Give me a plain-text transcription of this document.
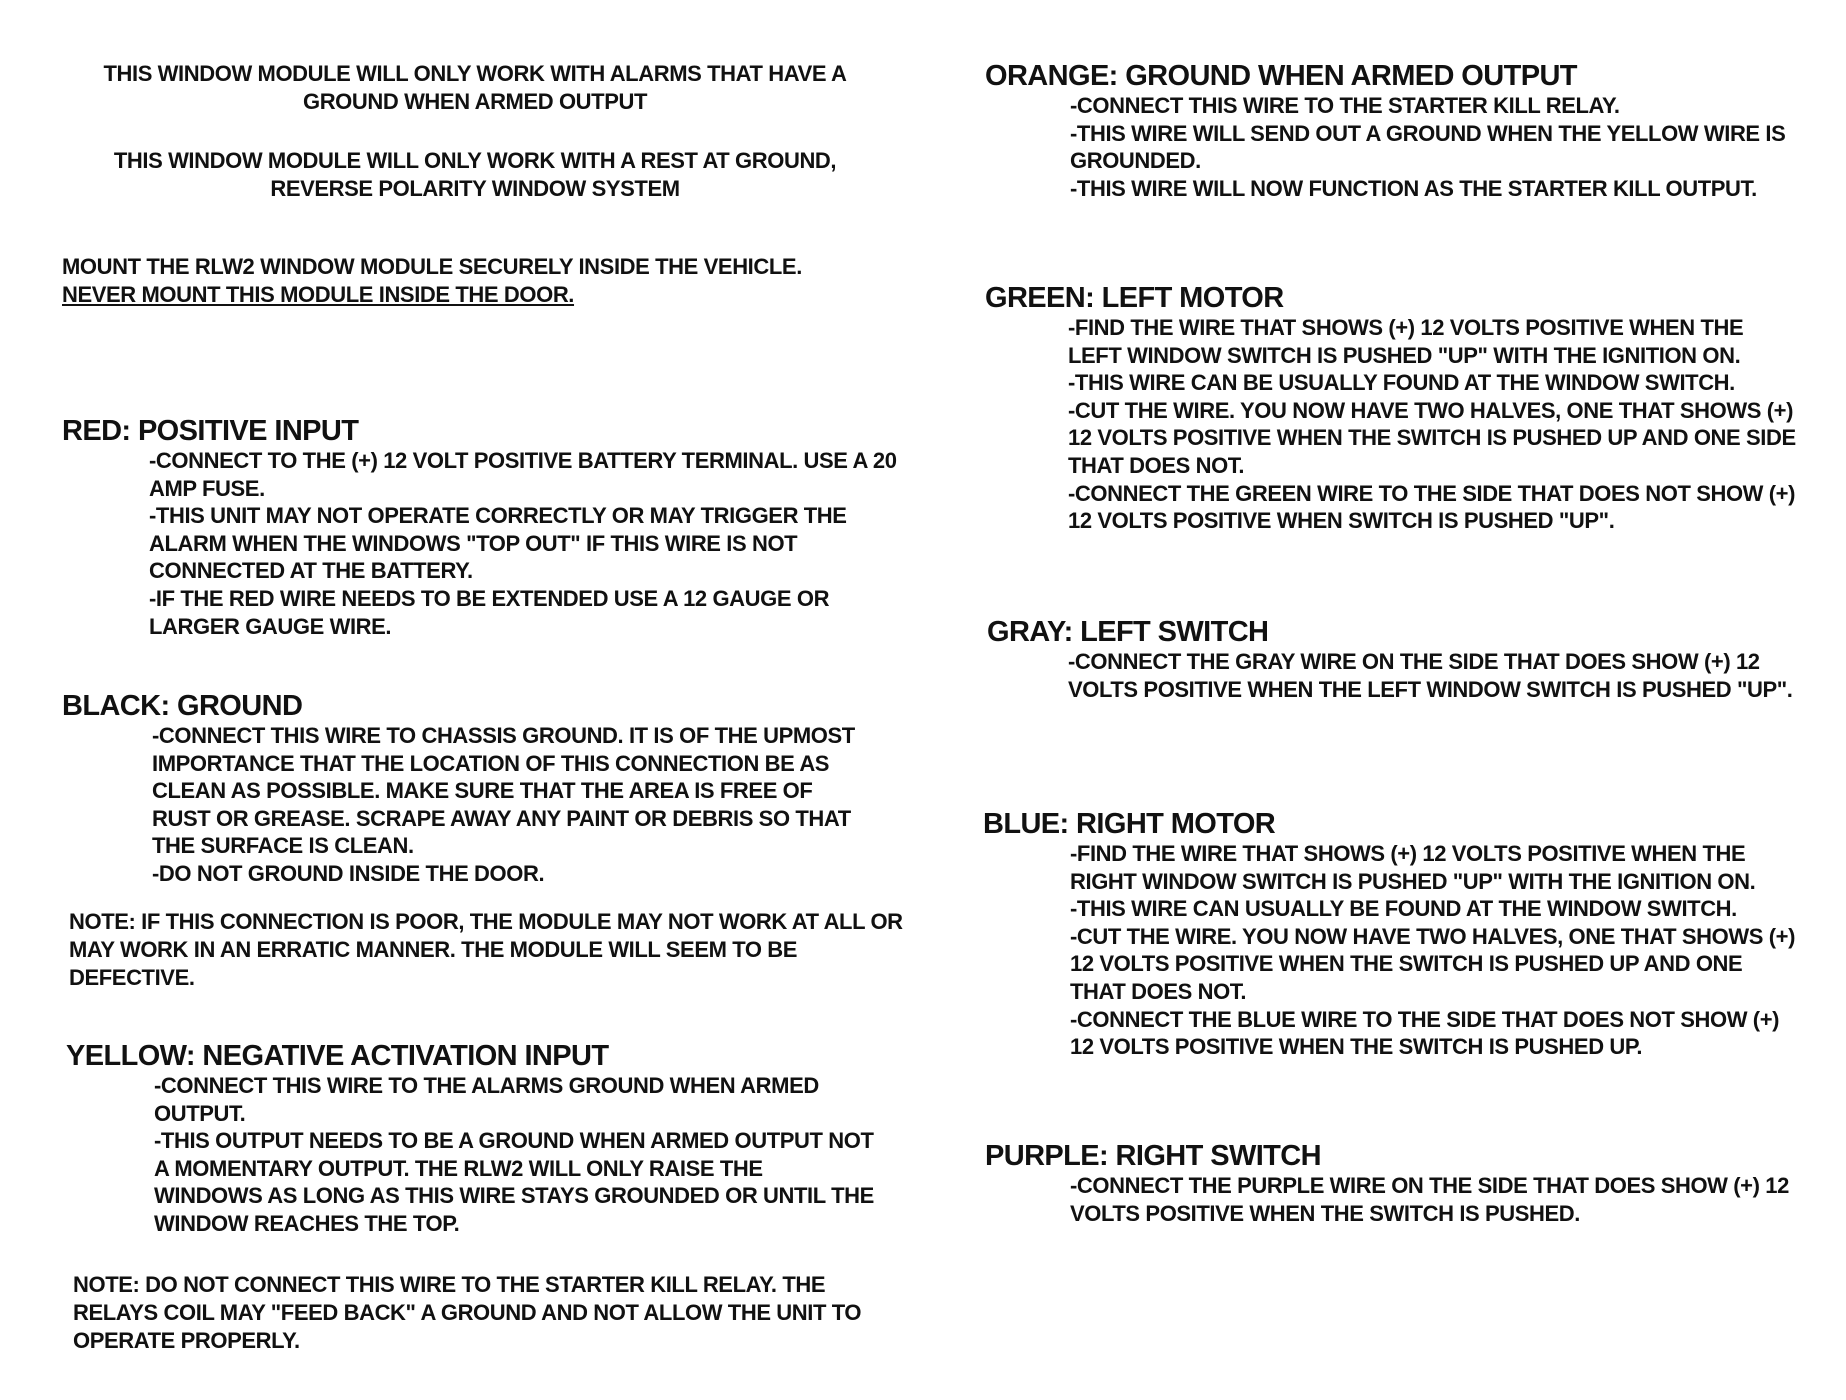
THIS WINDOW MODULE WILL ONLY WORK WITH ALARMS THAT HAVE A GROUND WHEN ARMED OUTPUT
THIS WINDOW MODULE WILL ONLY WORK WITH A REST AT GROUND, REVERSE POLARITY WINDOW SYSTEM
MOUNT THE RLW2 WINDOW MODULE SECURELY INSIDE THE VEHICLE.
NEVER MOUNT THIS MODULE INSIDE THE DOOR.
RED: POSITIVE INPUT
-CONNECT TO THE (+) 12 VOLT POSITIVE BATTERY TERMINAL. USE A 20 AMP FUSE.
-THIS UNIT MAY NOT OPERATE CORRECTLY OR MAY TRIGGER THE ALARM WHEN THE WINDOWS "TOP OUT" IF THIS WIRE IS NOT CONNECTED AT THE BATTERY.
-IF THE RED WIRE NEEDS TO BE EXTENDED USE A 12 GAUGE OR LARGER GAUGE WIRE.
BLACK: GROUND
-CONNECT THIS WIRE TO CHASSIS GROUND. IT IS OF THE UPMOST IMPORTANCE THAT THE LOCATION OF THIS CONNECTION BE AS CLEAN AS POSSIBLE. MAKE SURE THAT THE AREA IS FREE OF RUST OR GREASE. SCRAPE AWAY ANY PAINT OR DEBRIS SO THAT THE SURFACE IS CLEAN.
-DO NOT GROUND INSIDE THE DOOR.
NOTE: IF THIS CONNECTION IS POOR, THE MODULE MAY NOT WORK AT ALL OR MAY WORK IN AN ERRATIC MANNER. THE MODULE WILL SEEM TO BE DEFECTIVE.
YELLOW: NEGATIVE ACTIVATION INPUT
-CONNECT THIS WIRE TO THE ALARMS GROUND WHEN ARMED OUTPUT.
-THIS OUTPUT NEEDS TO BE A GROUND WHEN ARMED OUTPUT NOT A MOMENTARY OUTPUT. THE RLW2 WILL ONLY RAISE THE WINDOWS AS LONG AS THIS WIRE STAYS GROUNDED OR UNTIL THE WINDOW REACHES THE TOP.
NOTE: DO NOT CONNECT THIS WIRE TO THE STARTER KILL RELAY. THE RELAYS COIL MAY "FEED BACK" A GROUND AND NOT ALLOW THE UNIT TO OPERATE PROPERLY.
ORANGE: GROUND WHEN ARMED OUTPUT
-CONNECT THIS WIRE TO THE STARTER KILL RELAY.
-THIS WIRE WILL SEND OUT A GROUND WHEN THE YELLOW WIRE IS GROUNDED.
-THIS WIRE WILL NOW FUNCTION AS THE STARTER KILL OUTPUT.
GREEN: LEFT MOTOR
-FIND THE WIRE THAT SHOWS (+) 12 VOLTS POSITIVE WHEN THE LEFT WINDOW SWITCH IS PUSHED "UP" WITH THE IGNITION ON.
-THIS WIRE CAN BE USUALLY FOUND AT THE WINDOW SWITCH.
-CUT THE WIRE. YOU NOW HAVE TWO HALVES, ONE THAT SHOWS (+) 12 VOLTS POSITIVE WHEN THE SWITCH IS PUSHED UP AND ONE SIDE THAT DOES NOT.
-CONNECT THE GREEN WIRE TO THE SIDE THAT DOES NOT SHOW (+) 12 VOLTS POSITIVE WHEN SWITCH IS PUSHED "UP".
GRAY: LEFT SWITCH
-CONNECT THE GRAY WIRE ON THE SIDE THAT DOES SHOW (+) 12 VOLTS POSITIVE WHEN THE LEFT WINDOW SWITCH IS PUSHED "UP".
BLUE: RIGHT MOTOR
-FIND THE WIRE THAT SHOWS (+) 12 VOLTS POSITIVE WHEN THE RIGHT WINDOW SWITCH IS PUSHED "UP" WITH THE IGNITION ON.
-THIS WIRE CAN USUALLY BE FOUND AT THE WINDOW SWITCH.
-CUT THE WIRE. YOU NOW HAVE TWO HALVES, ONE THAT SHOWS (+) 12 VOLTS POSITIVE WHEN THE SWITCH IS PUSHED UP AND ONE THAT DOES NOT.
-CONNECT THE BLUE WIRE TO THE SIDE THAT DOES NOT SHOW (+) 12 VOLTS POSITIVE WHEN THE SWITCH IS PUSHED UP.
PURPLE: RIGHT SWITCH
-CONNECT THE PURPLE WIRE ON THE SIDE THAT DOES SHOW (+) 12 VOLTS POSITIVE WHEN THE SWITCH IS PUSHED.
